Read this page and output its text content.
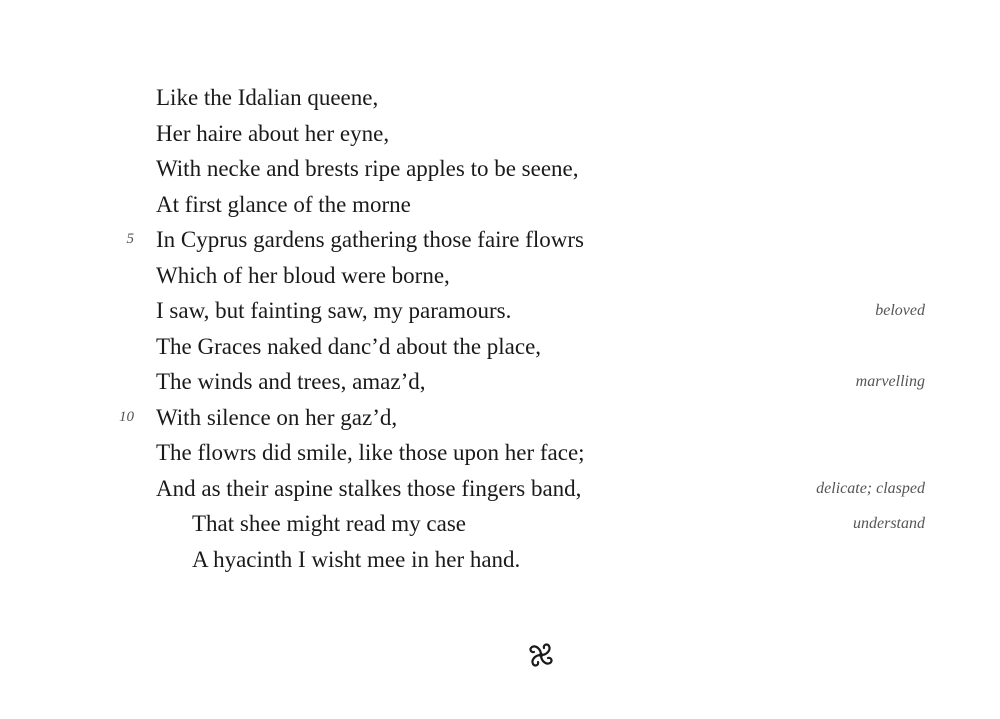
Like the Idalian queene,
Her haire about her eyne,
With necke and brests ripe apples to be seene,
At first glance of the morne
5 In Cyprus gardens gathering those faire flowrs
Which of her bloud were borne,
I saw, but fainting saw, my paramours.	beloved
The Graces naked danc’d about the place,
The winds and trees, amaz’d,	marvelling
10 With silence on her gaz’d,
The flowrs did smile, like those upon her face;
And as their aspine stalkes those fingers band,	delicate; clasped
That shee might read my case	understand
A hyacinth I wisht mee in her hand.
